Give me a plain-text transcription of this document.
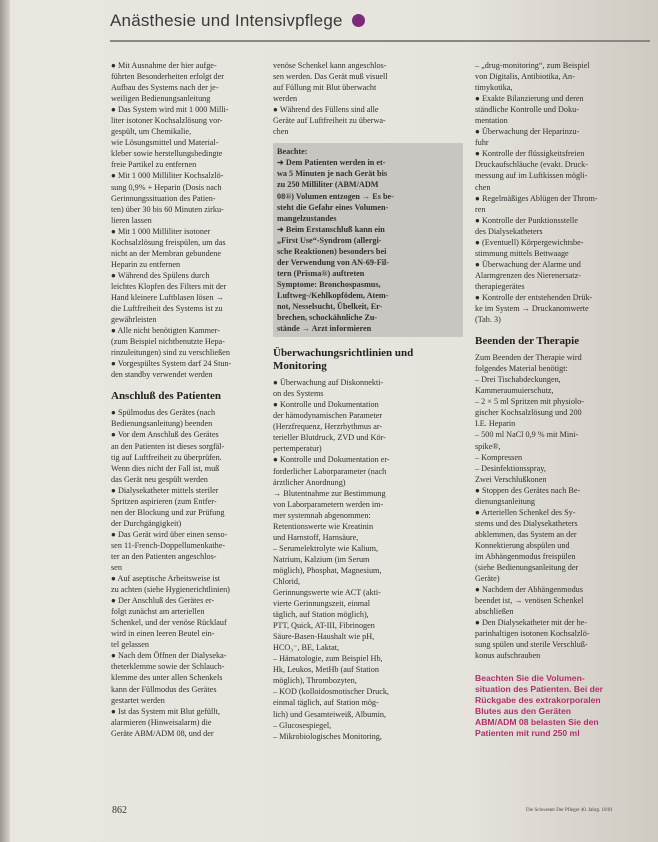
Anästhesie und Intensivpflege
● Mit Ausnahme der hier aufge-
führten Besonderheiten erfolgt der
Aufbau des Systems nach der je-
weiligen Bedienungsanleitung
● Das System wird mit 1 000 Milli-
liter isotoner Kochsalzlösung vor-
gespült, um Chemikalie,
wie Lösungsmittel und Material-
kleber sowie herstellungsbedingte
freie Partikel zu entfernen
● Mit 1 000 Milliliter Kochsalzlö-
sung 0,9% + Heparin (Dosis nach
Gerinnungssituation des Patien-
ten) über 30 bis 60 Minuten zirku-
lieren lassen
● Mit 1 000 Milliliter isotoner
Kochsalzlösung freispülen, um das
nicht an der Membran gebundene
Heparin zu entfernen
● Während des Spülens durch
leichtes Klopfen des Filters mit der
Hand kleinere Luftblasen lösen →
die Luftfreiheit des Systems ist zu
gewährleisten
● Alle nicht benötigten Kammer-
(zum Beispiel nichtbenutzte Hepa-
rinzuleitungen) sind zu verschließen
● Vorgespültes System darf 24 Stun-
den standby verwendet werden
Anschluß des Patienten
● Spülmodus des Gerätes (nach
Bedienungsanleitung) beenden
● Vor dem Anschluß des Gerätes
an den Patienten ist dieses sorgfäl-
tig auf Luftfreiheit zu überprüfen.
Wenn dies nicht der Fall ist, muß
das Gerät neu gespült werden
● Dialysekatheter mittels steriler
Spritzen aspirieren (zum Entfer-
nen der Blockung und zur Prüfung
der Durchgängigkeit)
● Das Gerät wird über einen senso-
sen 11-French-Doppellumenkathe-
ter an den Patienten angeschlos-
sen
● Auf aseptische Arbeitsweise ist
zu achten (siehe Hygienerichtlinien)
● Der Anschluß des Gerätes er-
folgt zunächst am arteriellen
Schenkel, und der venöse Rücklauf
wird in einen leeren Beutel ein-
tel gelassen
● Nach dem Öffnen der Dialyseka-
theterklemme sowie der Schlauch-
klemme des unter allen Schenkels
kann der Füllmodus des Gerätes
gestartet werden
● Ist das System mit Blut gefüllt,
alarmieren (Hinweisalarm) die
Geräte ABM/ADM 08, und der
venöse Schenkel kann angeschlos-
sen werden. Das Gerät muß visuell
auf Füllung mit Blut überwacht
werden
● Während des Füllens sind alle
Geräte auf Luftfreiheit zu überwa-
chen
Beachte:
➜ Dem Patienten werden in et-
wa 5 Minuten je nach Gerät bis
zu 250 Milliliter (ABM/ADM
08®) Volumen entzogen → Es be-
steht die Gefahr eines Volumen-
mangelzustandes
➜ Beim Erstanschluß kann ein
„First Use“-Syndrom (allergi-
sche Reaktionen) besonders bei
der Verwendung von AN-69-Fil-
tern (Prisma®) auftreten
Symptome: Bronchospasmus,
Luftweg-/Kehlkopfödem, Atem-
not, Nesselsucht, Übelkeit, Er-
brechen, schockähnliche Zu-
stände → Arzt informieren
Überwachungsrichtlinien und Monitoring
● Überwachung auf Diskonnekti-
on des Systems
● Kontrolle und Dokumentation
der hämodynamischen Parameter
(Herzfrequenz, Herzrhythmus ar-
terieller Blutdruck, ZVD und Kör-
pertemperatur)
● Kontrolle und Dokumentation er-
forderlicher Laborparameter (nach
ärztlicher Anordnung)
→ Blutentnahme zur Bestimmung
von Laborparametern werden im-
mer systemnah abgenommen:
Retentionswerte wie Kreatinin
und Harnstoff, Harnsäure,
– Serumelektrolyte wie Kalium,
Natrium, Kalzium (im Serum
möglich), Phosphat, Magnesium,
Chlorid,
Gerinnungswerte wie ACT (akti-
vierte Gerinnungszeit, einmal
täglich, auf Station möglich),
PTT, Quick, AT-III, Fibrinogen
Säure-Basen-Haushalt wie pH,
HCO₃⁻, BE, Laktat,
– Hämatologie, zum Beispiel Hb,
Hk, Leukos, MetHb (auf Station
möglich), Thrombozyten,
– KOD (kolloidosmotischer Druck,
einmal täglich, auf Station mög-
lich) und Gesamteiweiß, Albumin,
– Glucosespiegel,
– Mikrobiologisches Monitoring,
– „drug-monitoring“, zum Beispiel
von Digitalis, Antibiotika, An-
timykotika,
● Exakte Bilanzierung und deren
ständliche Kontrolle und Doku-
mentation
● Überwachung der Heparinzu-
fuhr
● Kontrolle der flüssigkeitsfreien
Druckaufschläuche (evakt. Druck-
messung auf im Luftkissen mögli-
chen
● Regelmäßiges Ablügen der Throm-
ren
● Kontrolle der Punktionsstelle
des Dialysekatheters
● (Eventuell) Körpergewichtsbe-
stimmung mittels Bettwaage
● Überwachung der Alarme und
Alarmgrenzen des Nierenersatz-
therapiegerätes
● Kontrolle der entstehenden Drük-
ke im System → Druckanomwerte
(Tab. 3)
Beenden der Therapie
Zum Beenden der Therapie wird
folgendes Material benötigt:
– Drei Tischabdeckungen,
Kammeraumuierschutz,
– 2 × 5 ml Spritzen mit physiolo-
gischer Kochsalzlösung und 200
I.E. Heparin
– 500 ml NaCl 0,9 % mit Mini-
spike®,
– Kompressen
– Desinfektionsspray,
Zwei Verschlußkonen
● Stoppen des Gerätes nach Be-
dienungsanleitung
● Arteriellen Schenkel des Sy-
stems und des Dialysekatheters
abklemmen, das System an der
Konnektierung abspülen und
im Abhängenmodus freispülen
(siehe Bedienungsanleitung der
Geräte)
● Nachdem der Abhängenmodus
beendet ist, → venösen Schenkel
abschließen
● Den Dialysekatheter mit der he-
parinhaltigen isotonen Kochsalzlö-
sung spülen und sterile Verschluß-
konus aufschrauben
Beachten Sie die Volumen-
situation des Patienten. Bei der
Rückgabe des extrakorporalen
Blutes aus den Geräten
ABM/ADM 08 belasten Sie den
Patienten mit rund 250 ml
862	Die Schwester Der Pfleger 40. Jahrg. 10/01
